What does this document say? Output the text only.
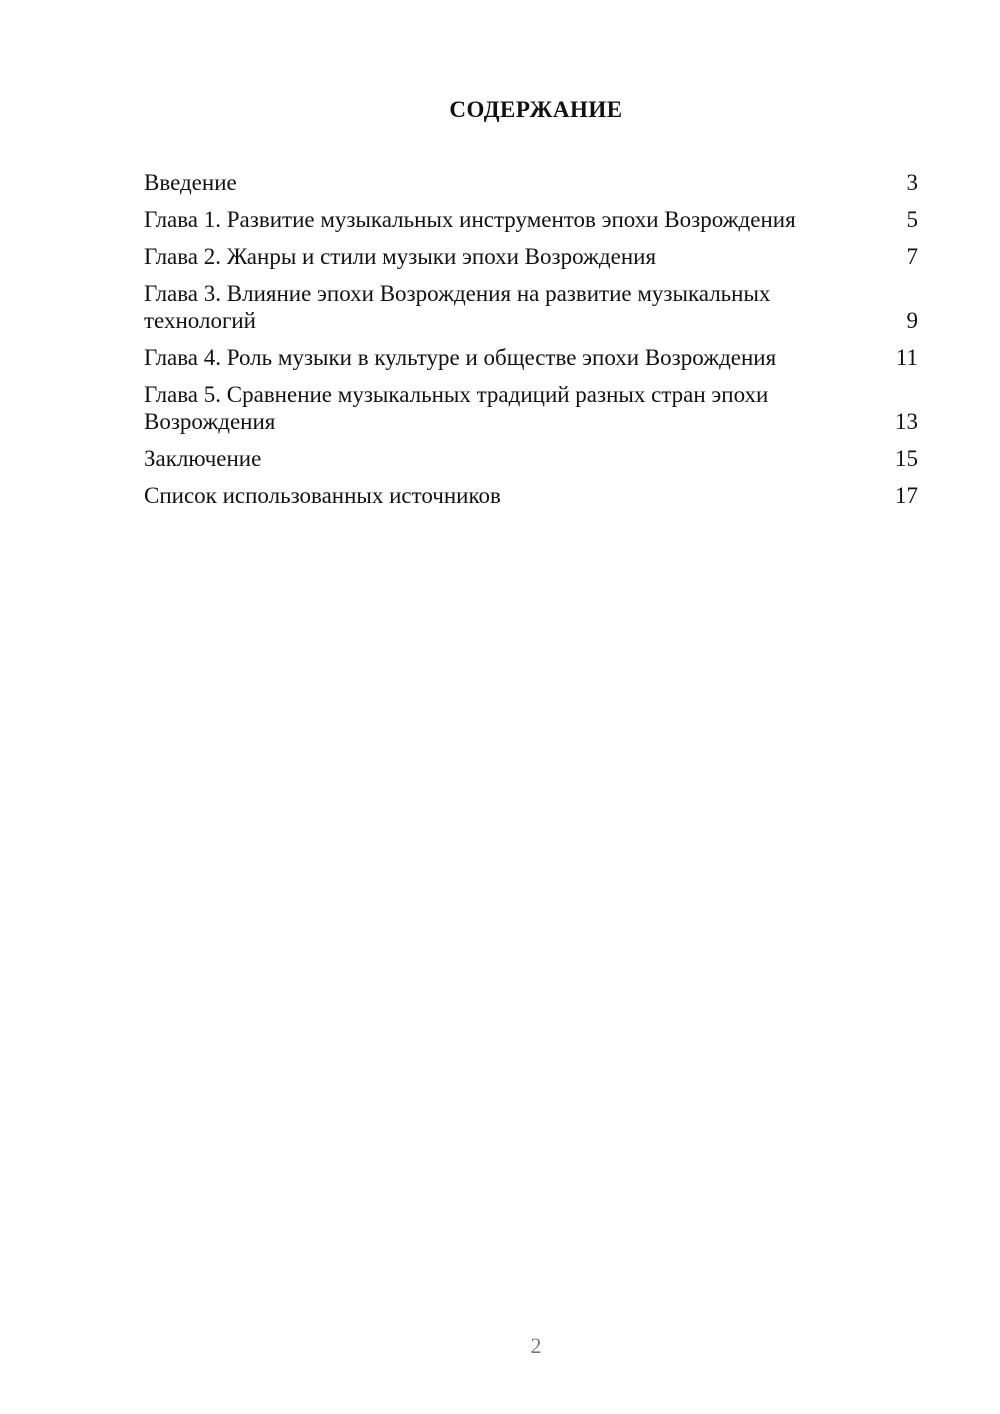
СОДЕРЖАНИЕ
Введение	3
Глава 1. Развитие музыкальных инструментов эпохи Возрождения	5
Глава 2. Жанры и стили музыки эпохи Возрождения	7
Глава 3. Влияние эпохи Возрождения на развитие музыкальных технологий	9
Глава 4. Роль музыки в культуре и обществе эпохи Возрождения	11
Глава 5. Сравнение музыкальных традиций разных стран эпохи Возрождения	13
Заключение	15
Список использованных источников	17
2
